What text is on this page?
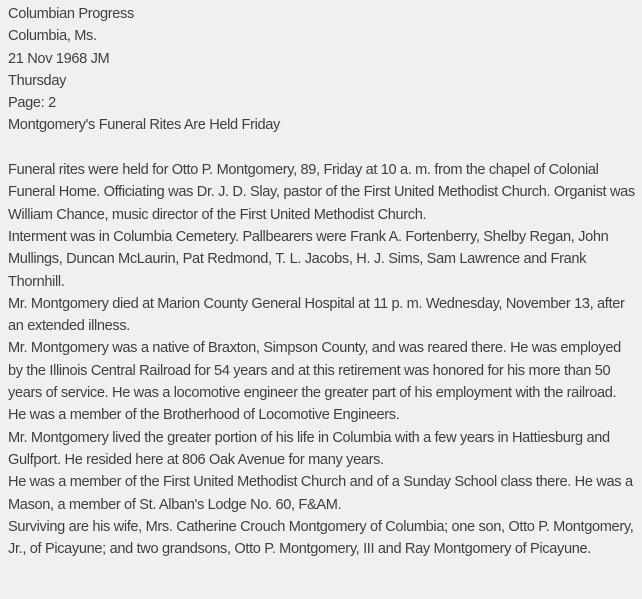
Columbian Progress
Columbia, Ms.
21 Nov 1968 JM
Thursday
Page: 2
Montgomery's Funeral Rites Are Held Friday

Funeral rites were held for Otto P. Montgomery, 89, Friday at 10 a. m. from the chapel of Colonial Funeral Home. Officiating was Dr. J. D. Slay, pastor of the First United Methodist Church. Organist was William Chance, music director of the First United Methodist Church.

Interment was in Columbia Cemetery. Pallbearers were Frank A. Fortenberry, Shelby Regan, John Mullings, Duncan McLaurin, Pat Redmond, T. L. Jacobs, H. J. Sims, Sam Lawrence and Frank Thornhill.

Mr. Montgomery died at Marion County General Hospital at 11 p. m. Wednesday, November 13, after an extended illness.

Mr. Montgomery was a native of Braxton, Simpson County, and was reared there. He was employed by the Illinois Central Railroad for 54 years and at this retirement was honored for his more than 50 years of service. He was a locomotive engineer the greater part of his employment with the railroad. He was a member of the Brotherhood of Locomotive Engineers.

Mr. Montgomery lived the greater portion of his life in Columbia with a few years in Hattiesburg and Gulfport. He resided here at 806 Oak Avenue for many years.

He was a member of the First United Methodist Church and of a Sunday School class there. He was a Mason, a member of St. Alban's Lodge No. 60, F&AM.

Surviving are his wife, Mrs. Catherine Crouch Montgomery of Columbia; one son, Otto P. Montgomery, Jr., of Picayune; and two grandsons, Otto P. Montgomery, III and Ray Montgomery of Picayune.
